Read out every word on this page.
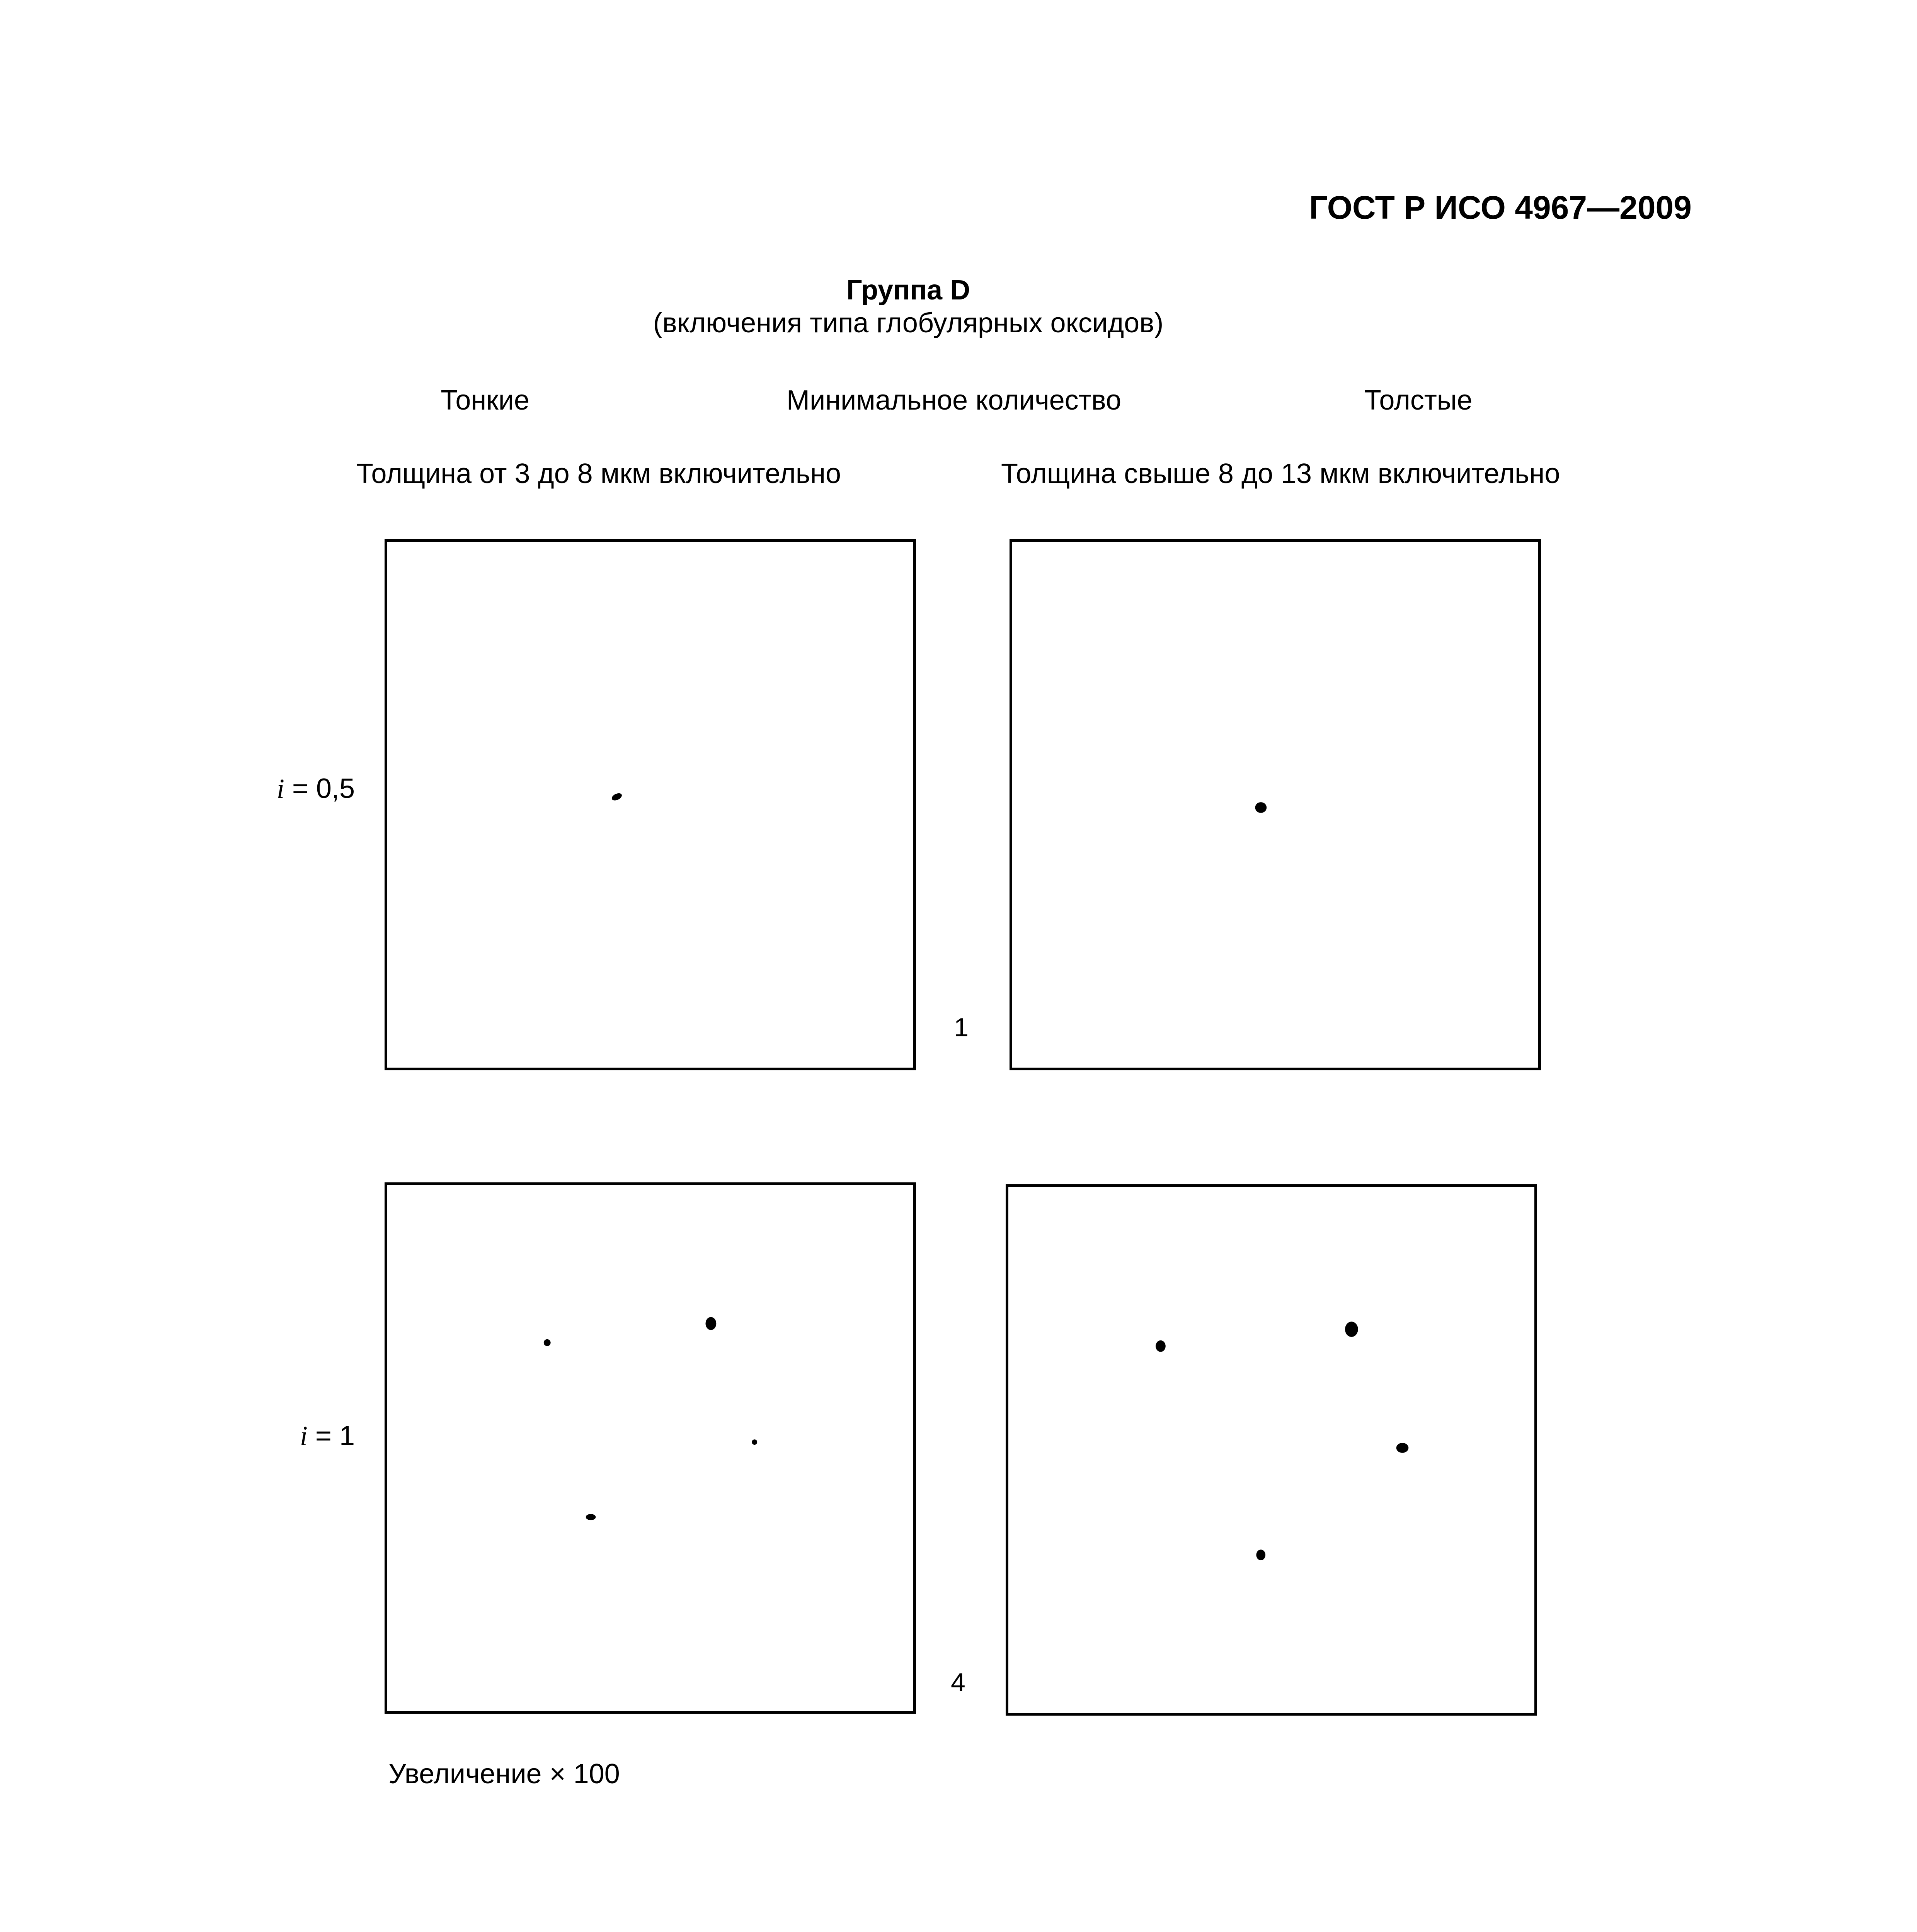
ГОСТ Р ИСО 4967—2009
Группа D
(включения типа глобулярных оксидов)
Тонкие	Минимальное количество	Толстые
Толщина от 3 до 8 мкм включительно	Толщина свыше 8 до 13 мкм включительно
i = 0,5
1
i = 1
4
Увеличение × 100
